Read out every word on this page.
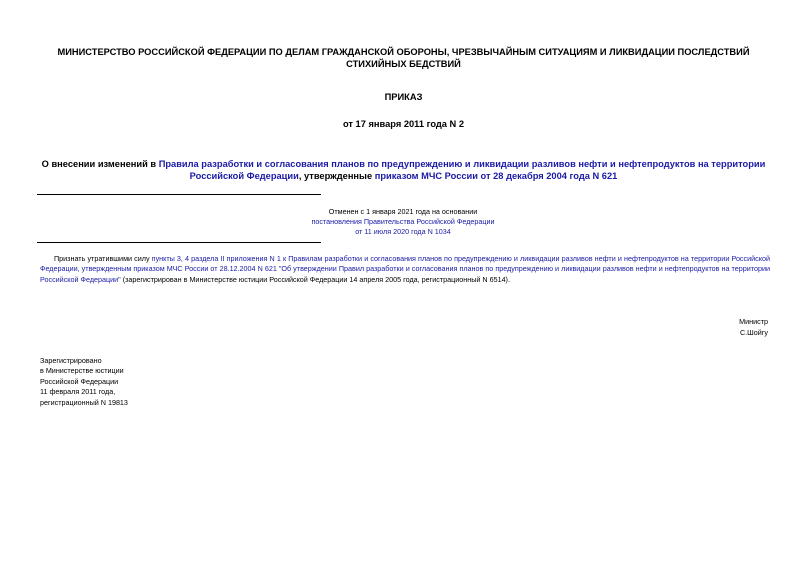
МИНИСТЕРСТВО РОССИЙСКОЙ ФЕДЕРАЦИИ ПО ДЕЛАМ ГРАЖДАНСКОЙ ОБОРОНЫ, ЧРЕЗВЫЧАЙНЫМ СИТУАЦИЯМ И ЛИКВИДАЦИИ ПОСЛЕДСТВИЙ СТИХИЙНЫХ БЕДСТВИЙ
ПРИКАЗ
от 17 января 2011 года N 2
О внесении изменений в Правила разработки и согласования планов по предупреждению и ликвидации разливов нефти и нефтепродуктов на территории Российской Федерации, утвержденные приказом МЧС России от 28 декабря 2004 года N 621
Отменен с 1 января 2021 года на основании
постановления Правительства Российской Федерации
от 11 июля 2020 года N 1034
Признать утратившими силу пункты 3, 4 раздела II приложения N 1 к Правилам разработки и согласования планов по предупреждению и ликвидации разливов нефти и нефтепродуктов на территории Российской Федерации, утвержденным приказом МЧС России от 28.12.2004 N 621 "Об утверждении Правил разработки и согласования планов по предупреждению и ликвидации разливов нефти и нефтепродуктов на территории Российской Федерации" (зарегистрирован в Министерстве юстиции Российской Федерации 14 апреля 2005 года, регистрационный N 6514).
Министр
С.Шойгу
Зарегистрировано
в Министерстве юстиции
Российской Федерации
11 февраля 2011 года,
регистрационный N 19813
